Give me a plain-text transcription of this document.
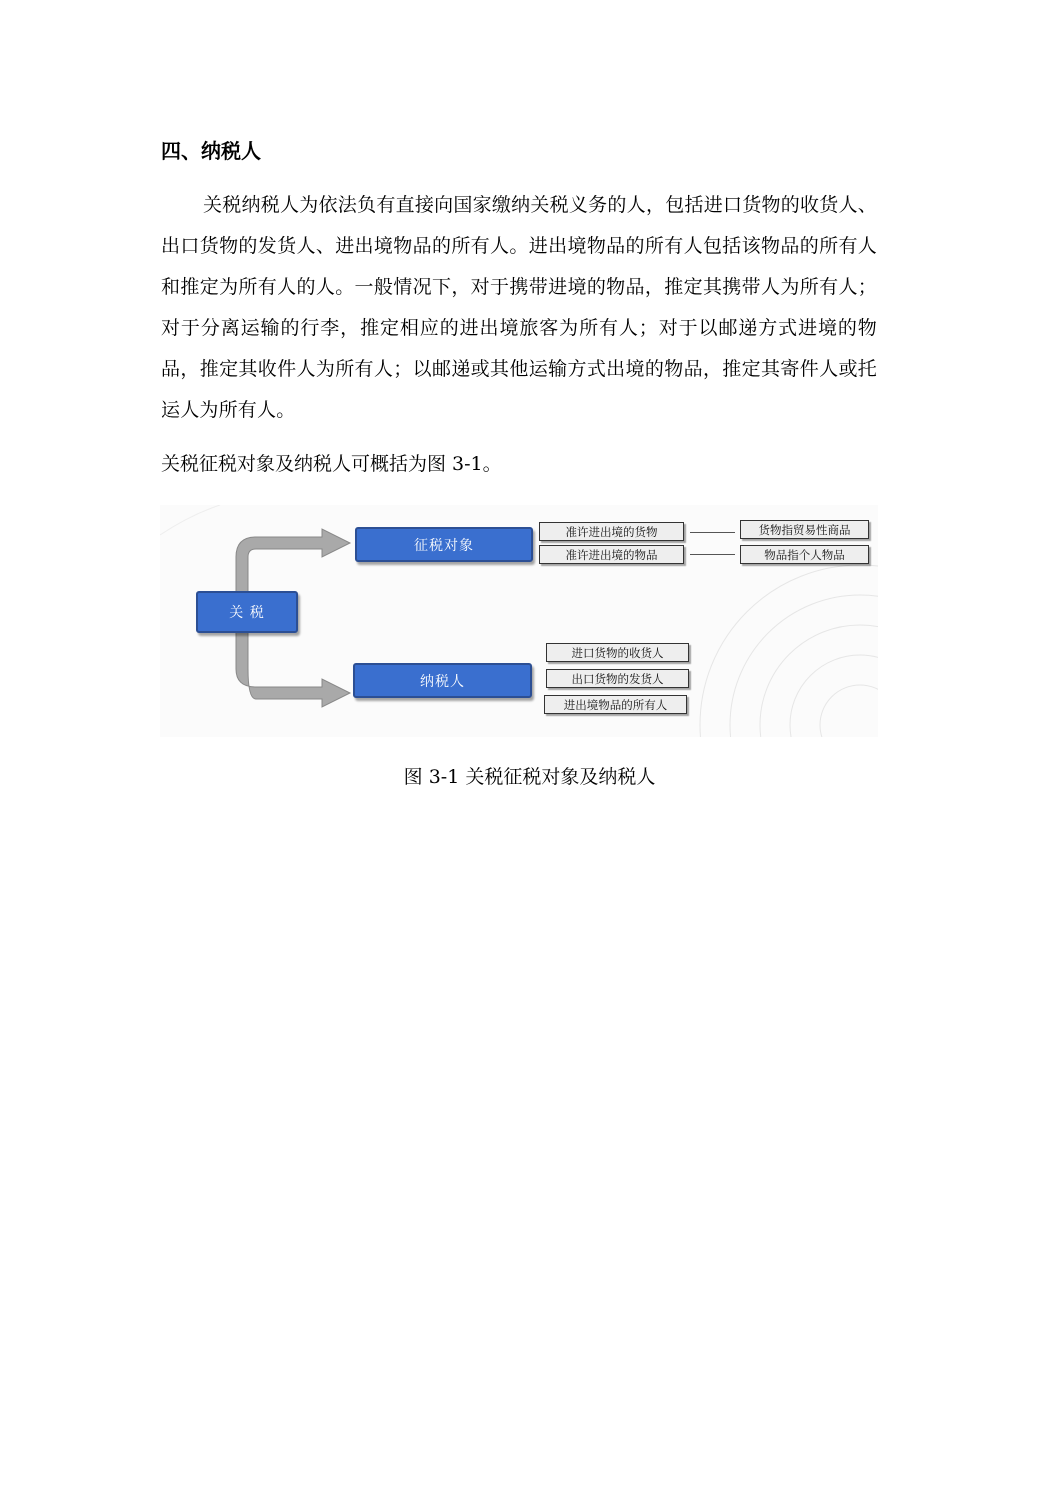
四、纳税人
关税纳税人为依法负有直接向国家缴纳关税义务的人，包括进口货物的收货人、出口货物的发货人、进出境物品的所有人。进出境物品的所有人包括该物品的所有人和推定为所有人的人。一般情况下，对于携带进境的物品，推定其携带人为所有人；对于分离运输的行李，推定相应的进出境旅客为所有人；对于以邮递方式进境的物品，推定其收件人为所有人；以邮递或其他运输方式出境的物品，推定其寄件人或托运人为所有人。
关税征税对象及纳税人可概括为图 3-1。
关 税
征税对象
纳税人
准许进出境的货物
准许进出境的物品
货物指贸易性商品
物品指个人物品
进口货物的收货人
出口货物的发货人
进出境物品的所有人
图 3-1 关税征税对象及纳税人
